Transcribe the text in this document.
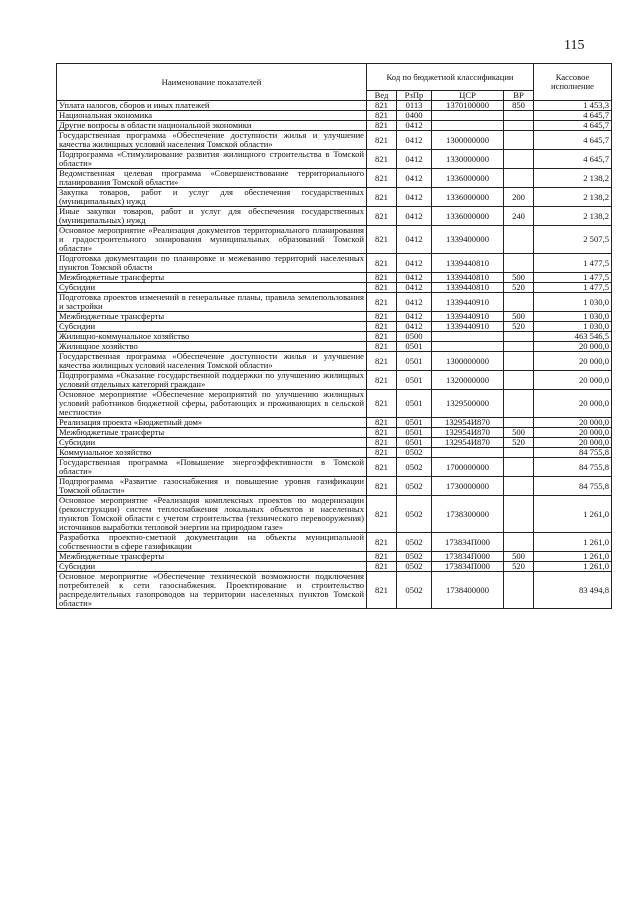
115
Наименование показателей	Код по бюджетной классификации				Кассовое исполнение
	Вед	РзПр	ЦСР	ВР	
Уплата налогов, сборов и иных платежей	821	0113	1370100000	850	1 453,3
Национальная экономика	821	0400			4 645,7
Другие вопросы в области национальной экономики	821	0412			4 645,7
Государственная программа «Обеспечение доступности жилья и улучшение качества жилищных условий населения Томской области»	821	0412	1300000000		4 645,7
Подпрограмма «Стимулирование развития жилищного строительства в Томской области»	821	0412	1330000000		4 645,7
Ведомственная целевая программа «Совершенствование территориального планирования Томской области»	821	0412	1336000000		2 138,2
Закупка товаров, работ и услуг для обеспечения государственных (муниципальных) нужд	821	0412	1336000000	200	2 138,2
Иные закупки товаров, работ и услуг для обеспечения государственных (муниципальных) нужд	821	0412	1336000000	240	2 138,2
Основное мероприятие «Реализация документов территориального планирования и градостроительного зонирования муниципальных образований Томской области»	821	0412	1339400000		2 507,5
Подготовка документации по планировке и межеванию территорий населенных пунктов Томской области	821	0412	1339440810		1 477,5
Межбюджетные трансферты	821	0412	1339440810	500	1 477,5
Субсидии	821	0412	1339440810	520	1 477,5
Подготовка проектов изменений в генеральные планы, правила землепользования и застройки	821	0412	1339440910		1 030,0
Межбюджетные трансферты	821	0412	1339440910	500	1 030,0
Субсидии	821	0412	1339440910	520	1 030,0
Жилищно-коммунальное хозяйство	821	0500			463 546,5
Жилищное хозяйство	821	0501			20 000,0
Государственная программа «Обеспечение доступности жилья и улучшение качества жилищных условий населения Томской области»	821	0501	1300000000		20 000,0
Подпрограмма «Оказание государственной поддержки по улучшению жилищных условий отдельных категорий граждан»	821	0501	1320000000		20 000,0
Основное мероприятие «Обеспечение мероприятий по улучшению жилищных условий работников бюджетной сферы, работающих и проживающих в сельской местности»	821	0501	1329500000		20 000,0
Реализация проекта «Бюджетный дом»	821	0501	132954И870		20 000,0
Межбюджетные трансферты	821	0501	132954И870	500	20 000,0
Субсидии	821	0501	132954И870	520	20 000,0
Коммунальное хозяйство	821	0502			84 755,8
Государственная программа «Повышение энергоэффективности в Томской области»	821	0502	1700000000		84 755,8
Подпрограмма «Развитие газоснабжения и повышение уровня газификации Томской области»	821	0502	1730000000		84 755,8
Основное мероприятие «Реализация комплексных проектов по модернизации (реконструкции) систем теплоснабжения локальных объектов и населенных пунктов Томской области с учетом строительства (технического перевооружения) источников выработки тепловой энергии на природном газе»	821	0502	1738300000		1 261,0
Разработка проектно-сметной документации на объекты муниципальной собственности в сфере газификации	821	0502	173834П000		1 261,0
Межбюджетные трансферты	821	0502	173834П000	500	1 261,0
Субсидии	821	0502	173834П000	520	1 261,0
Основное мероприятие «Обеспечение технической возможности подключения потребителей к сети газоснабжения. Проектирование и строительство распределительных газопроводов на территории населенных пунктов Томской области»	821	0502	1738400000		83 494,8
